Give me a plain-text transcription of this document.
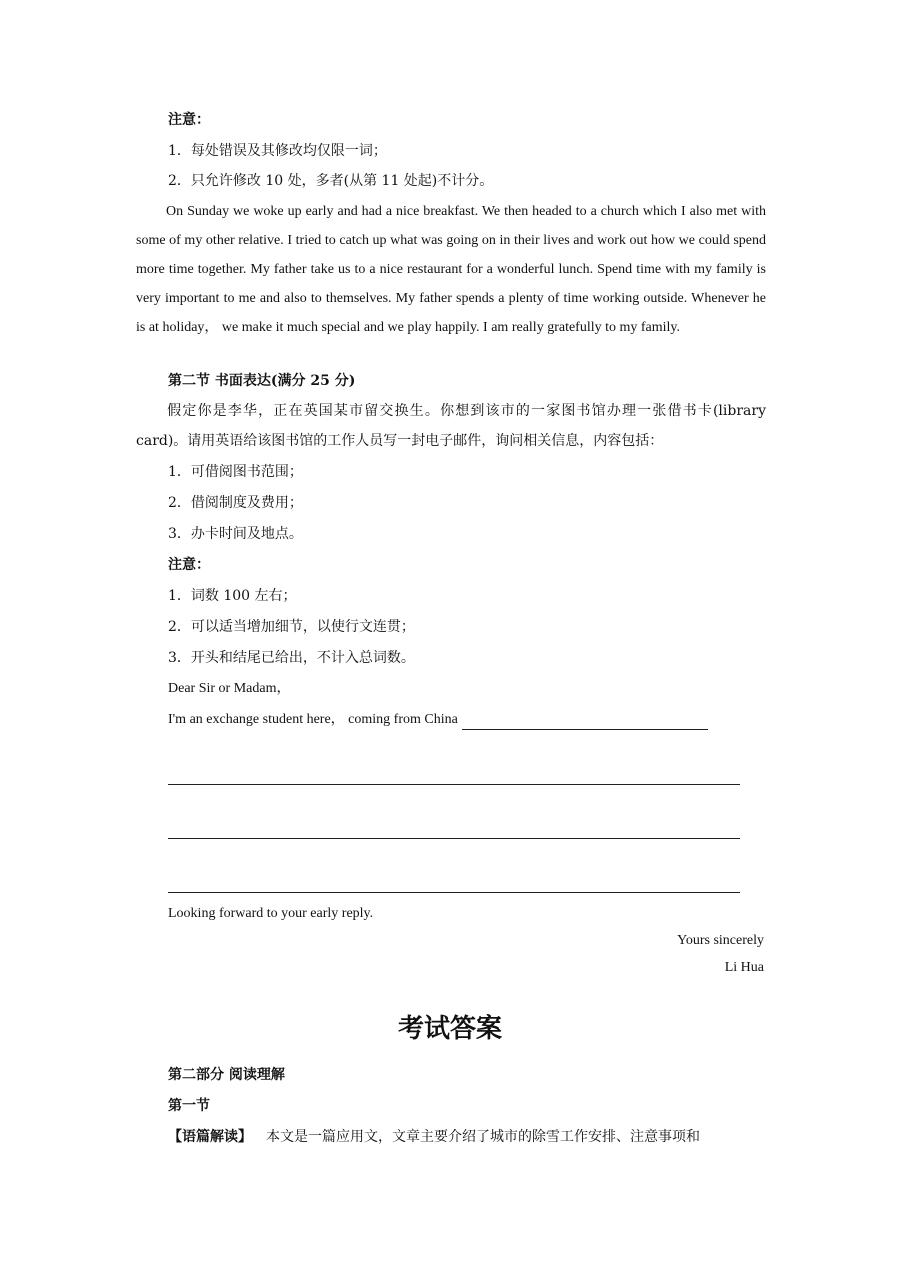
注意：
1．每处错误及其修改均仅限一词；
2．只允许修改 10 处，多者(从第 11 处起)不计分。
On Sunday we woke up early and had a nice breakfast. We then headed to a church which I also met with some of my other relative. I tried to catch up what was going on in their lives and work out how we could spend more time together. My father take us to a nice restaurant for a wonderful lunch. Spend time with my family is very important to me and also to themselves. My father spends a plenty of time working outside. Whenever he is at holiday， we make it much special and we play happily. I am really gratefully to my family.
第二节 书面表达(满分 25 分)
假定你是李华，正在英国某市留交换生。你想到该市的一家图书馆办理一张借书卡(library card)。请用英语给该图书馆的工作人员写一封电子邮件，询问相关信息，内容包括：
1．可借阅图书范围；
2．借阅制度及费用；
3．办卡时间及地点。
注意：
1．词数 100 左右；
2．可以适当增加细节，以使行文连贯；
3．开头和结尾已给出，不计入总词数。
Dear Sir or Madam，
I'm an exchange student here， coming from China
Looking forward to your early reply.
Yours sincerely
Li Hua
考试答案
第二部分 阅读理解
第一节
【语篇解读】 本文是一篇应用文，文章主要介绍了城市的除雪工作安排、注意事项和
